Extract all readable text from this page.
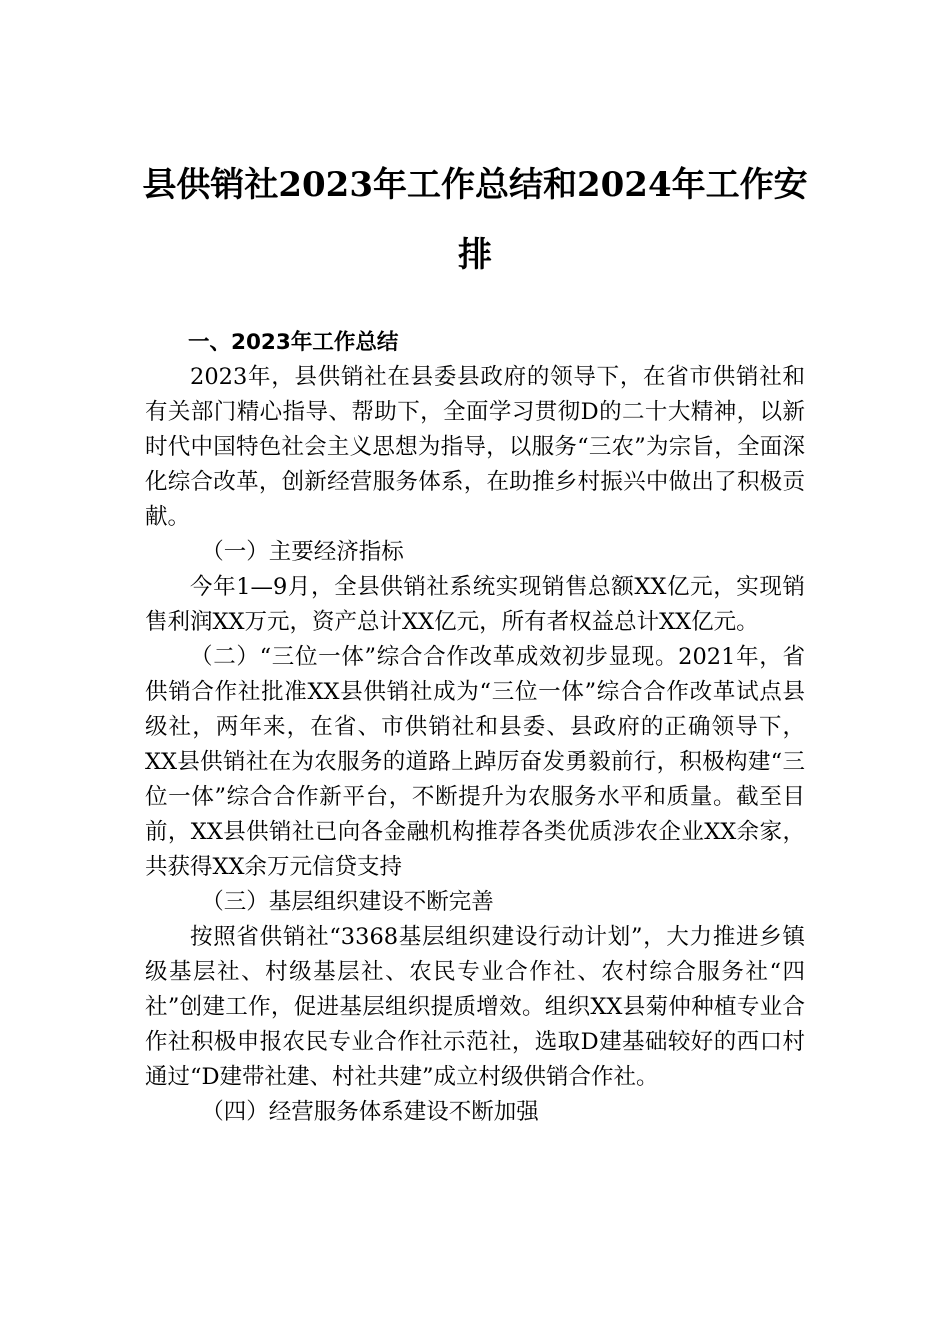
县供销社2023年工作总结和2024年工作安排

一、2023年工作总结

2023年，县供销社在县委县政府的领导下，在省市供销社和有关部门精心指导、帮助下，全面学习贯彻D的二十大精神，以新时代中国特色社会主义思想为指导，以服务“三农”为宗旨，全面深化综合改革，创新经营服务体系，在助推乡村振兴中做出了积极贡献。

（一）主要经济指标

今年1—9月，全县供销社系统实现销售总额XX亿元，实现销售利润XX万元，资产总计XX亿元，所有者权益总计XX亿元。

（二）“三位一体”综合合作改革成效初步显现。2021年，省供销合作社批准XX县供销社成为“三位一体”综合合作改革试点县级社，两年来，在省、市供销社和县委、县政府的正确领导下，XX县供销社在为农服务的道路上踔厉奋发勇毅前行，积极构建“三位一体”综合合作新平台，不断提升为农服务水平和质量。截至目前，XX县供销社已向各金融机构推荐各类优质涉农企业XX余家，共获得XX余万元信贷支持

（三）基层组织建设不断完善

按照省供销社“3368基层组织建设行动计划”，大力推进乡镇级基层社、村级基层社、农民专业合作社、农村综合服务社“四社”创建工作，促进基层组织提质增效。组织XX县菊仲种植专业合作社积极申报农民专业合作社示范社，选取D建基础较好的西口村通过“D建带社建、村社共建”成立村级供销合作社。

（四）经营服务体系建设不断加强
